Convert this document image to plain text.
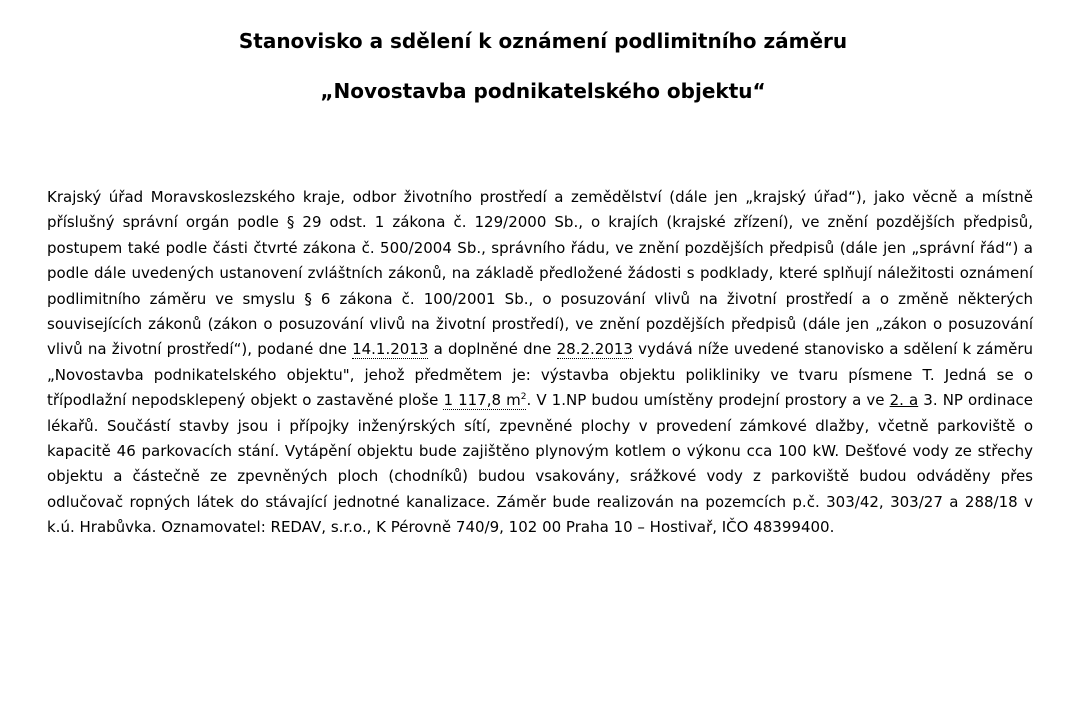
Stanovisko a sdělení k oznámení podlimitního záměru
„Novostavba podnikatelského objektu“

Krajský úřad Moravskoslezského kraje, odbor životního prostředí a zemědělství (dále jen „krajský úřad“), jako věcně a místně příslušný správní orgán podle § 29 odst. 1 zákona č. 129/2000 Sb., o krajích (krajské zřízení), ve znění pozdějších předpisů, postupem také podle části čtvrté zákona č. 500/2004 Sb., správního řádu, ve znění pozdějších předpisů (dále jen „správní řád“) a podle dále uvedených ustanovení zvláštních zákonů, na základě předložené žádosti s podklady, které splňují náležitosti oznámení podlimitního záměru ve smyslu § 6 zákona č. 100/2001 Sb., o posuzování vlivů na životní prostředí a o změně některých souvisejících zákonů (zákon o posuzování vlivů na životní prostředí), ve znění pozdějších předpisů (dále jen „zákon o posuzování vlivů na životní prostředí“), podané dne 14.1.2013 a doplněné dne 28.2.2013 vydává níže uvedené stanovisko a sdělení k záměru „Novostavba podnikatelského objektu", jehož předmětem je: výstavba objektu polikliniky ve tvaru písmene T. Jedná se o třípodlažní nepodsklepený objekt o zastavěné ploše 1 117,8 $m^2$. V 1.NP budou umístěny prodejní prostory a ve 2. a 3. NP ordinace lékařů. Součástí stavby jsou i přípojky inženýrských sítí, zpevněné plochy v provedení zámkové dlažby, včetně parkoviště o kapacitě 46 parkovacích stání. Vytápění objektu bude zajištěno plynovým kotlem o výkonu cca 100 kW. Dešťové vody ze střechy objektu a částečně ze zpevněných ploch (chodníků) budou vsakovány, srážkové vody z parkoviště budou odváděny přes odlučovač ropných látek do stávající jednotné kanalizace. Záměr bude realizován na pozemcích p.č. 303/42, 303/27 a 288/18 v k.ú. Hrabůvka. Oznamovatel: REDAV, s.r.o., K Pérovně 740/9, 102 00 Praha 10 – Hostivař, IČO 48399400.
